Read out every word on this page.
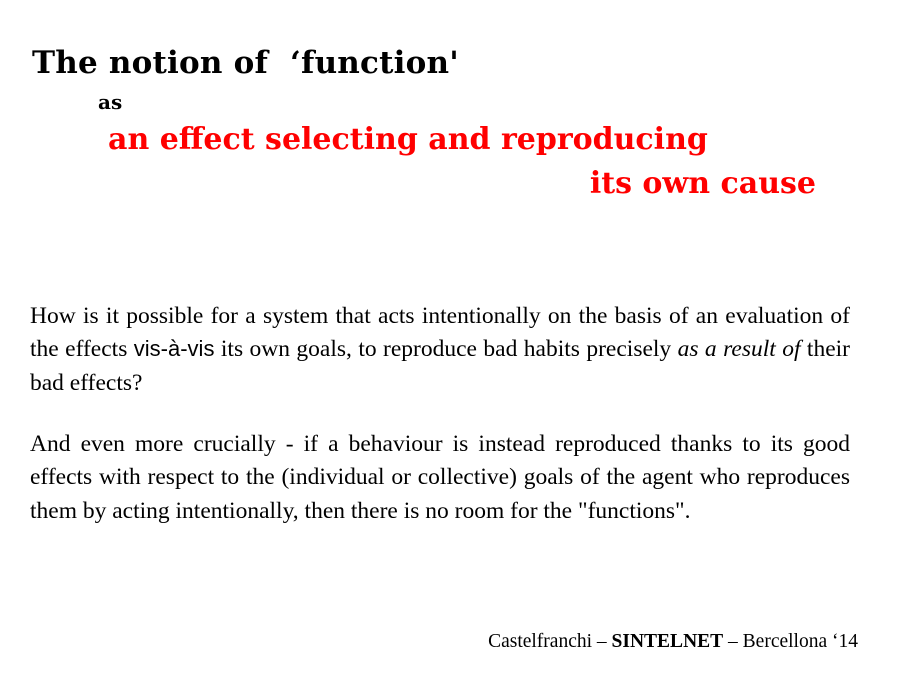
The notion of  ‘function'
as
an effect selecting and reproducing
its own cause

How is it possible for a system that acts intentionally on the basis of an evaluation of the effects vis-à-vis its own goals, to reproduce bad habits precisely as a result of their bad effects?

And even more crucially - if a behaviour is instead reproduced thanks to its good effects with respect to the (individual or collective) goals of the agent who reproduces them by acting intentionally, then there is no room for the "functions".

Castelfranchi – SINTELNET – Bercellona ‘14
